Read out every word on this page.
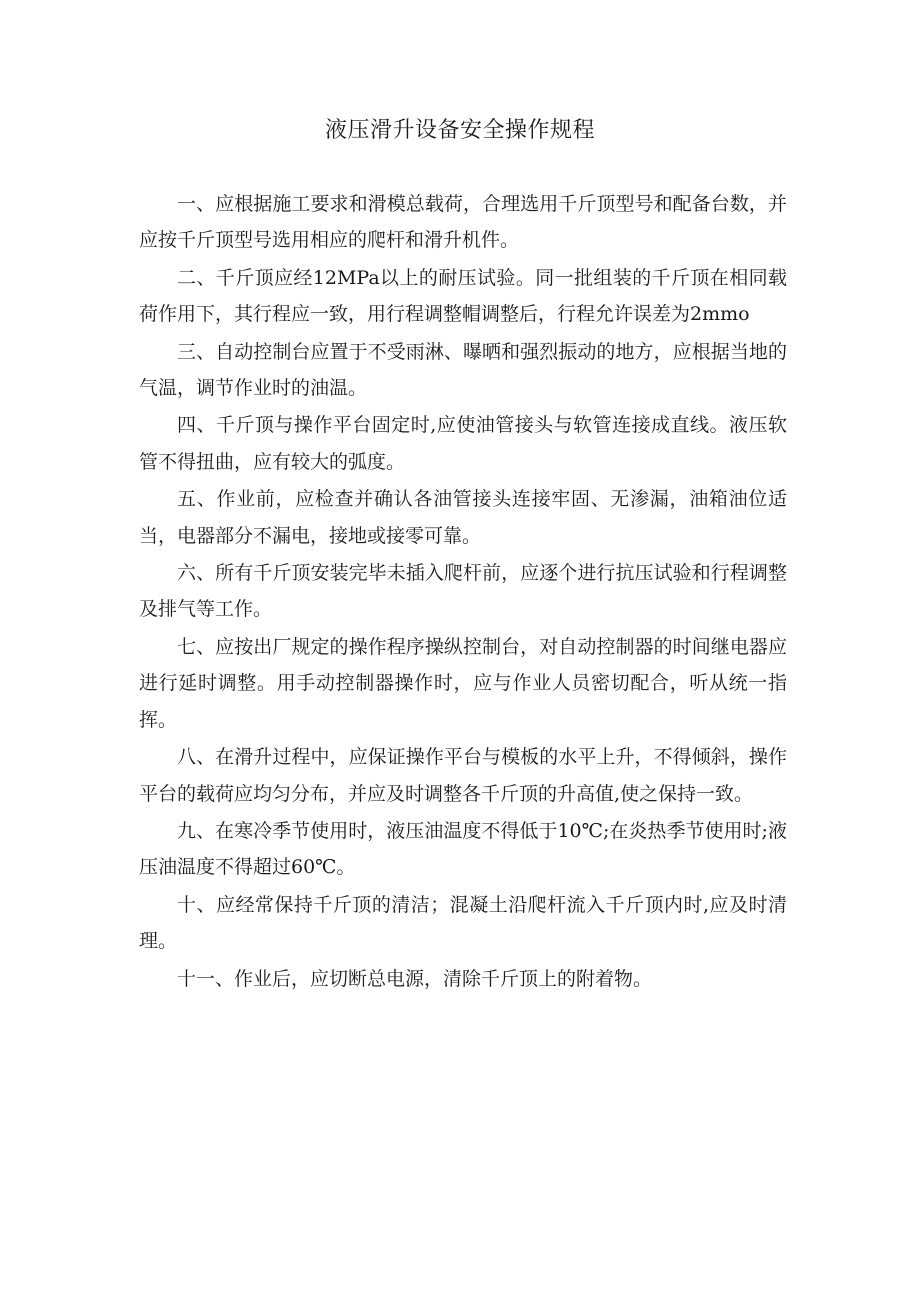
液压滑升设备安全操作规程

一、应根据施工要求和滑模总载荷，合理选用千斤顶型号和配备台数，并应按千斤顶型号选用相应的爬杆和滑升机件。

二、千斤顶应经12MPa以上的耐压试验。同一批组装的千斤顶在相同载荷作用下，其行程应一致，用行程调整帽调整后，行程允许误差为2mmo

三、自动控制台应置于不受雨淋、曝晒和强烈振动的地方，应根据当地的气温，调节作业时的油温。

四、千斤顶与操作平台固定时,应使油管接头与软管连接成直线。液压软管不得扭曲，应有较大的弧度。

五、作业前，应检查并确认各油管接头连接牢固、无渗漏，油箱油位适当，电器部分不漏电，接地或接零可靠。

六、所有千斤顶安装完毕未插入爬杆前，应逐个进行抗压试验和行程调整及排气等工作。

七、应按出厂规定的操作程序操纵控制台，对自动控制器的时间继电器应进行延时调整。用手动控制器操作时，应与作业人员密切配合，听从统一指挥。

八、在滑升过程中，应保证操作平台与模板的水平上升，不得倾斜，操作平台的载荷应均匀分布，并应及时调整各千斤顶的升高值,使之保持一致。

九、在寒冷季节使用时，液压油温度不得低于10℃;在炎热季节使用时;液压油温度不得超过60℃。

十、应经常保持千斤顶的清洁；混凝土沿爬杆流入千斤顶内时,应及时清理。

十一、作业后，应切断总电源，清除千斤顶上的附着物。
